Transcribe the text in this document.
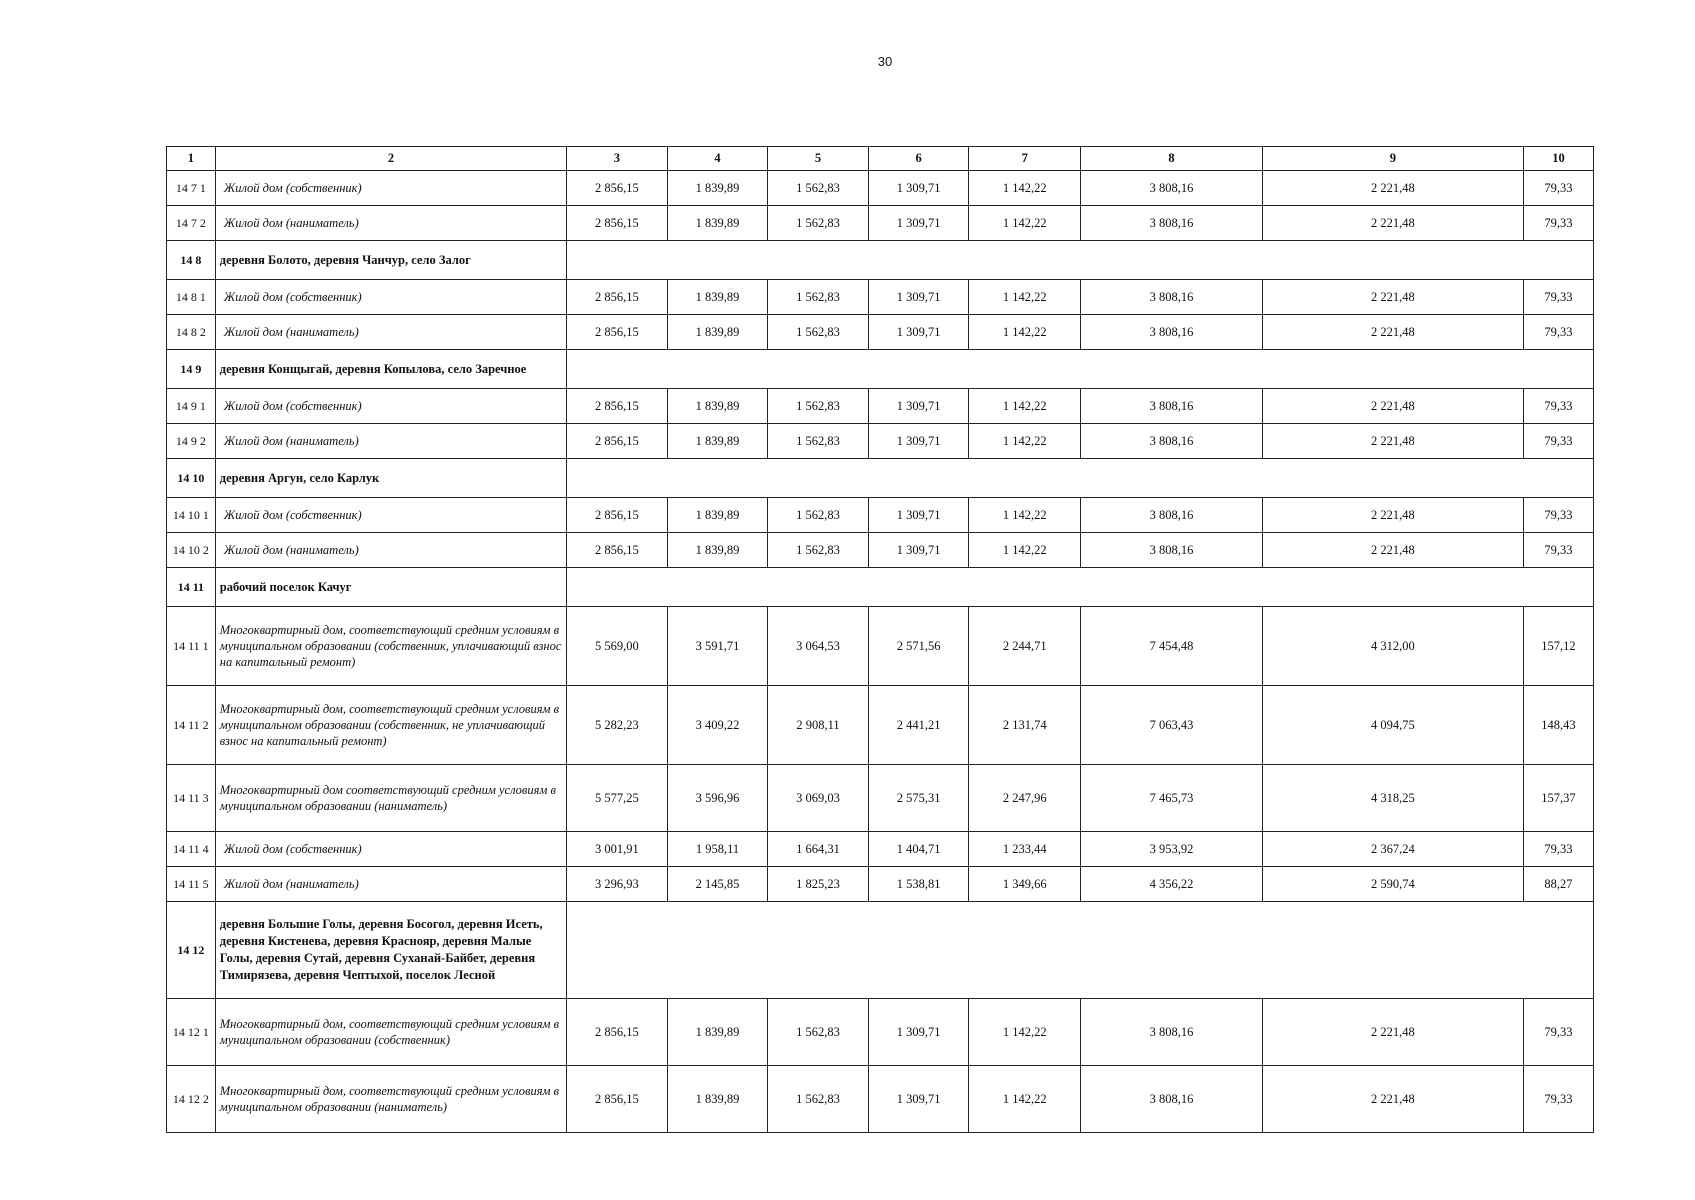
30
1	2	3	4	5	6	7	8	9	10
14 7 1	Жилой дом (собственник)	2 856,15	1 839,89	1 562,83	1 309,71	1 142,22	3 808,16	2 221,48	79,33
14 7 2	Жилой дом (наниматель)	2 856,15	1 839,89	1 562,83	1 309,71	1 142,22	3 808,16	2 221,48	79,33
14 8	деревня Болото, деревня Чанчур, село Залог								
14 8 1	Жилой дом (собственник)	2 856,15	1 839,89	1 562,83	1 309,71	1 142,22	3 808,16	2 221,48	79,33
14 8 2	Жилой дом (наниматель)	2 856,15	1 839,89	1 562,83	1 309,71	1 142,22	3 808,16	2 221,48	79,33
14 9	деревня Конщыгай, деревня Копылова, село Заречное								
14 9 1	Жилой дом (собственник)	2 856,15	1 839,89	1 562,83	1 309,71	1 142,22	3 808,16	2 221,48	79,33
14 9 2	Жилой дом (наниматель)	2 856,15	1 839,89	1 562,83	1 309,71	1 142,22	3 808,16	2 221,48	79,33
14 10	деревня Аргун, село Карлук								
14 10 1	Жилой дом (собственник)	2 856,15	1 839,89	1 562,83	1 309,71	1 142,22	3 808,16	2 221,48	79,33
14 10 2	Жилой дом (наниматель)	2 856,15	1 839,89	1 562,83	1 309,71	1 142,22	3 808,16	2 221,48	79,33
14 11	рабочий поселок Качуг								
14 11 1	Многоквартирный дом, соответствующий средним условиям в муниципальном образовании (собственник, уплачивающий взнос на капитальный ремонт)	5 569,00	3 591,71	3 064,53	2 571,56	2 244,71	7 454,48	4 312,00	157,12
14 11 2	Многоквартирный дом, соответствующий средним условиям в муниципальном образовании (собственник, не уплачивающий взнос на капитальный ремонт)	5 282,23	3 409,22	2 908,11	2 441,21	2 131,74	7 063,43	4 094,75	148,43
14 11 3	Многоквартирный дом соответствующий средним условиям в муниципальном образовании (наниматель)	5 577,25	3 596,96	3 069,03	2 575,31	2 247,96	7 465,73	4 318,25	157,37
14 11 4	Жилой дом (собственник)	3 001,91	1 958,11	1 664,31	1 404,71	1 233,44	3 953,92	2 367,24	79,33
14 11 5	Жилой дом (наниматель)	3 296,93	2 145,85	1 825,23	1 538,81	1 349,66	4 356,22	2 590,74	88,27
14 12	деревня Большие Голы, деревня Босогол, деревня Исеть, деревня Кистенева, деревня Краснояр, деревня Малые Голы, деревня Сутай, деревня Суханай-Байбет, деревня Тимирязева, деревня Чептыхой, поселок Лесной								
14 12 1	Многоквартирный дом, соответствующий средним условиям в муниципальном образовании (собственник)	2 856,15	1 839,89	1 562,83	1 309,71	1 142,22	3 808,16	2 221,48	79,33
14 12 2	Многоквартирный дом, соответствующий средним условиям в муниципальном образовании (наниматель)	2 856,15	1 839,89	1 562,83	1 309,71	1 142,22	3 808,16	2 221,48	79,33
